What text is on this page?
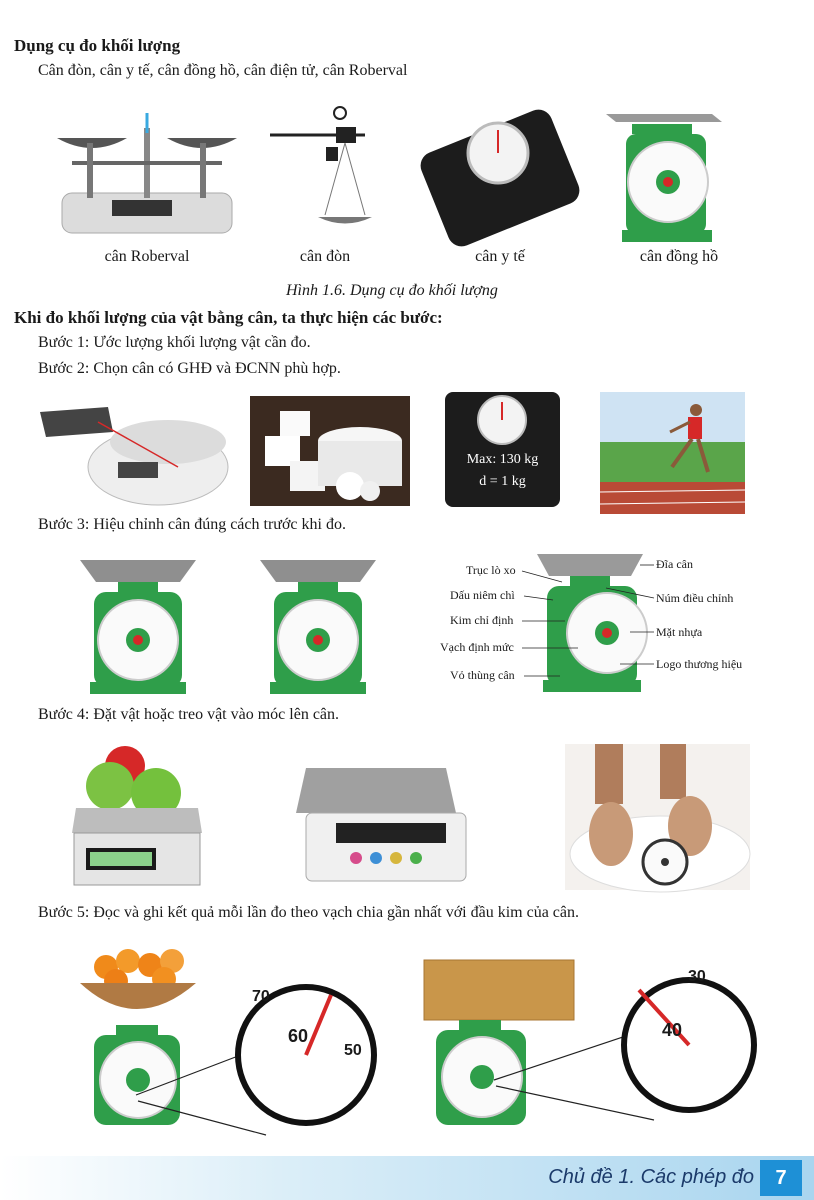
Dụng cụ đo khối lượng
Cân đòn, cân y tế, cân đồng hồ, cân điện tử, cân Roberval
cân Roberval	cân đòn	cân y tế	cân đồng hồ
Hình 1.6. Dụng cụ đo khối lượng
Khi đo khối lượng của vật bằng cân, ta thực hiện các bước:
Bước 1: Ước lượng khối lượng vật cần đo.
Bước 2: Chọn cân có GHĐ và ĐCNN phù hợp.
Max: 130 kg
d = 1 kg
Bước 3: Hiệu chỉnh cân đúng cách trước khi đo.
Trục lò xo
Dấu niêm chì
Kim chỉ định
Vạch định mức
Vỏ thùng cân
Đĩa cân
Núm điều chỉnh
Mặt nhựa
Logo thương hiệu
Bước 4: Đặt vật hoặc treo vật vào móc lên cân.
Bước 5: Đọc và ghi kết quả mỗi lần đo theo vạch chia gần nhất với đầu kim của cân.
70
60
50
30
40
Chủ đề 1. Các phép đo	7
